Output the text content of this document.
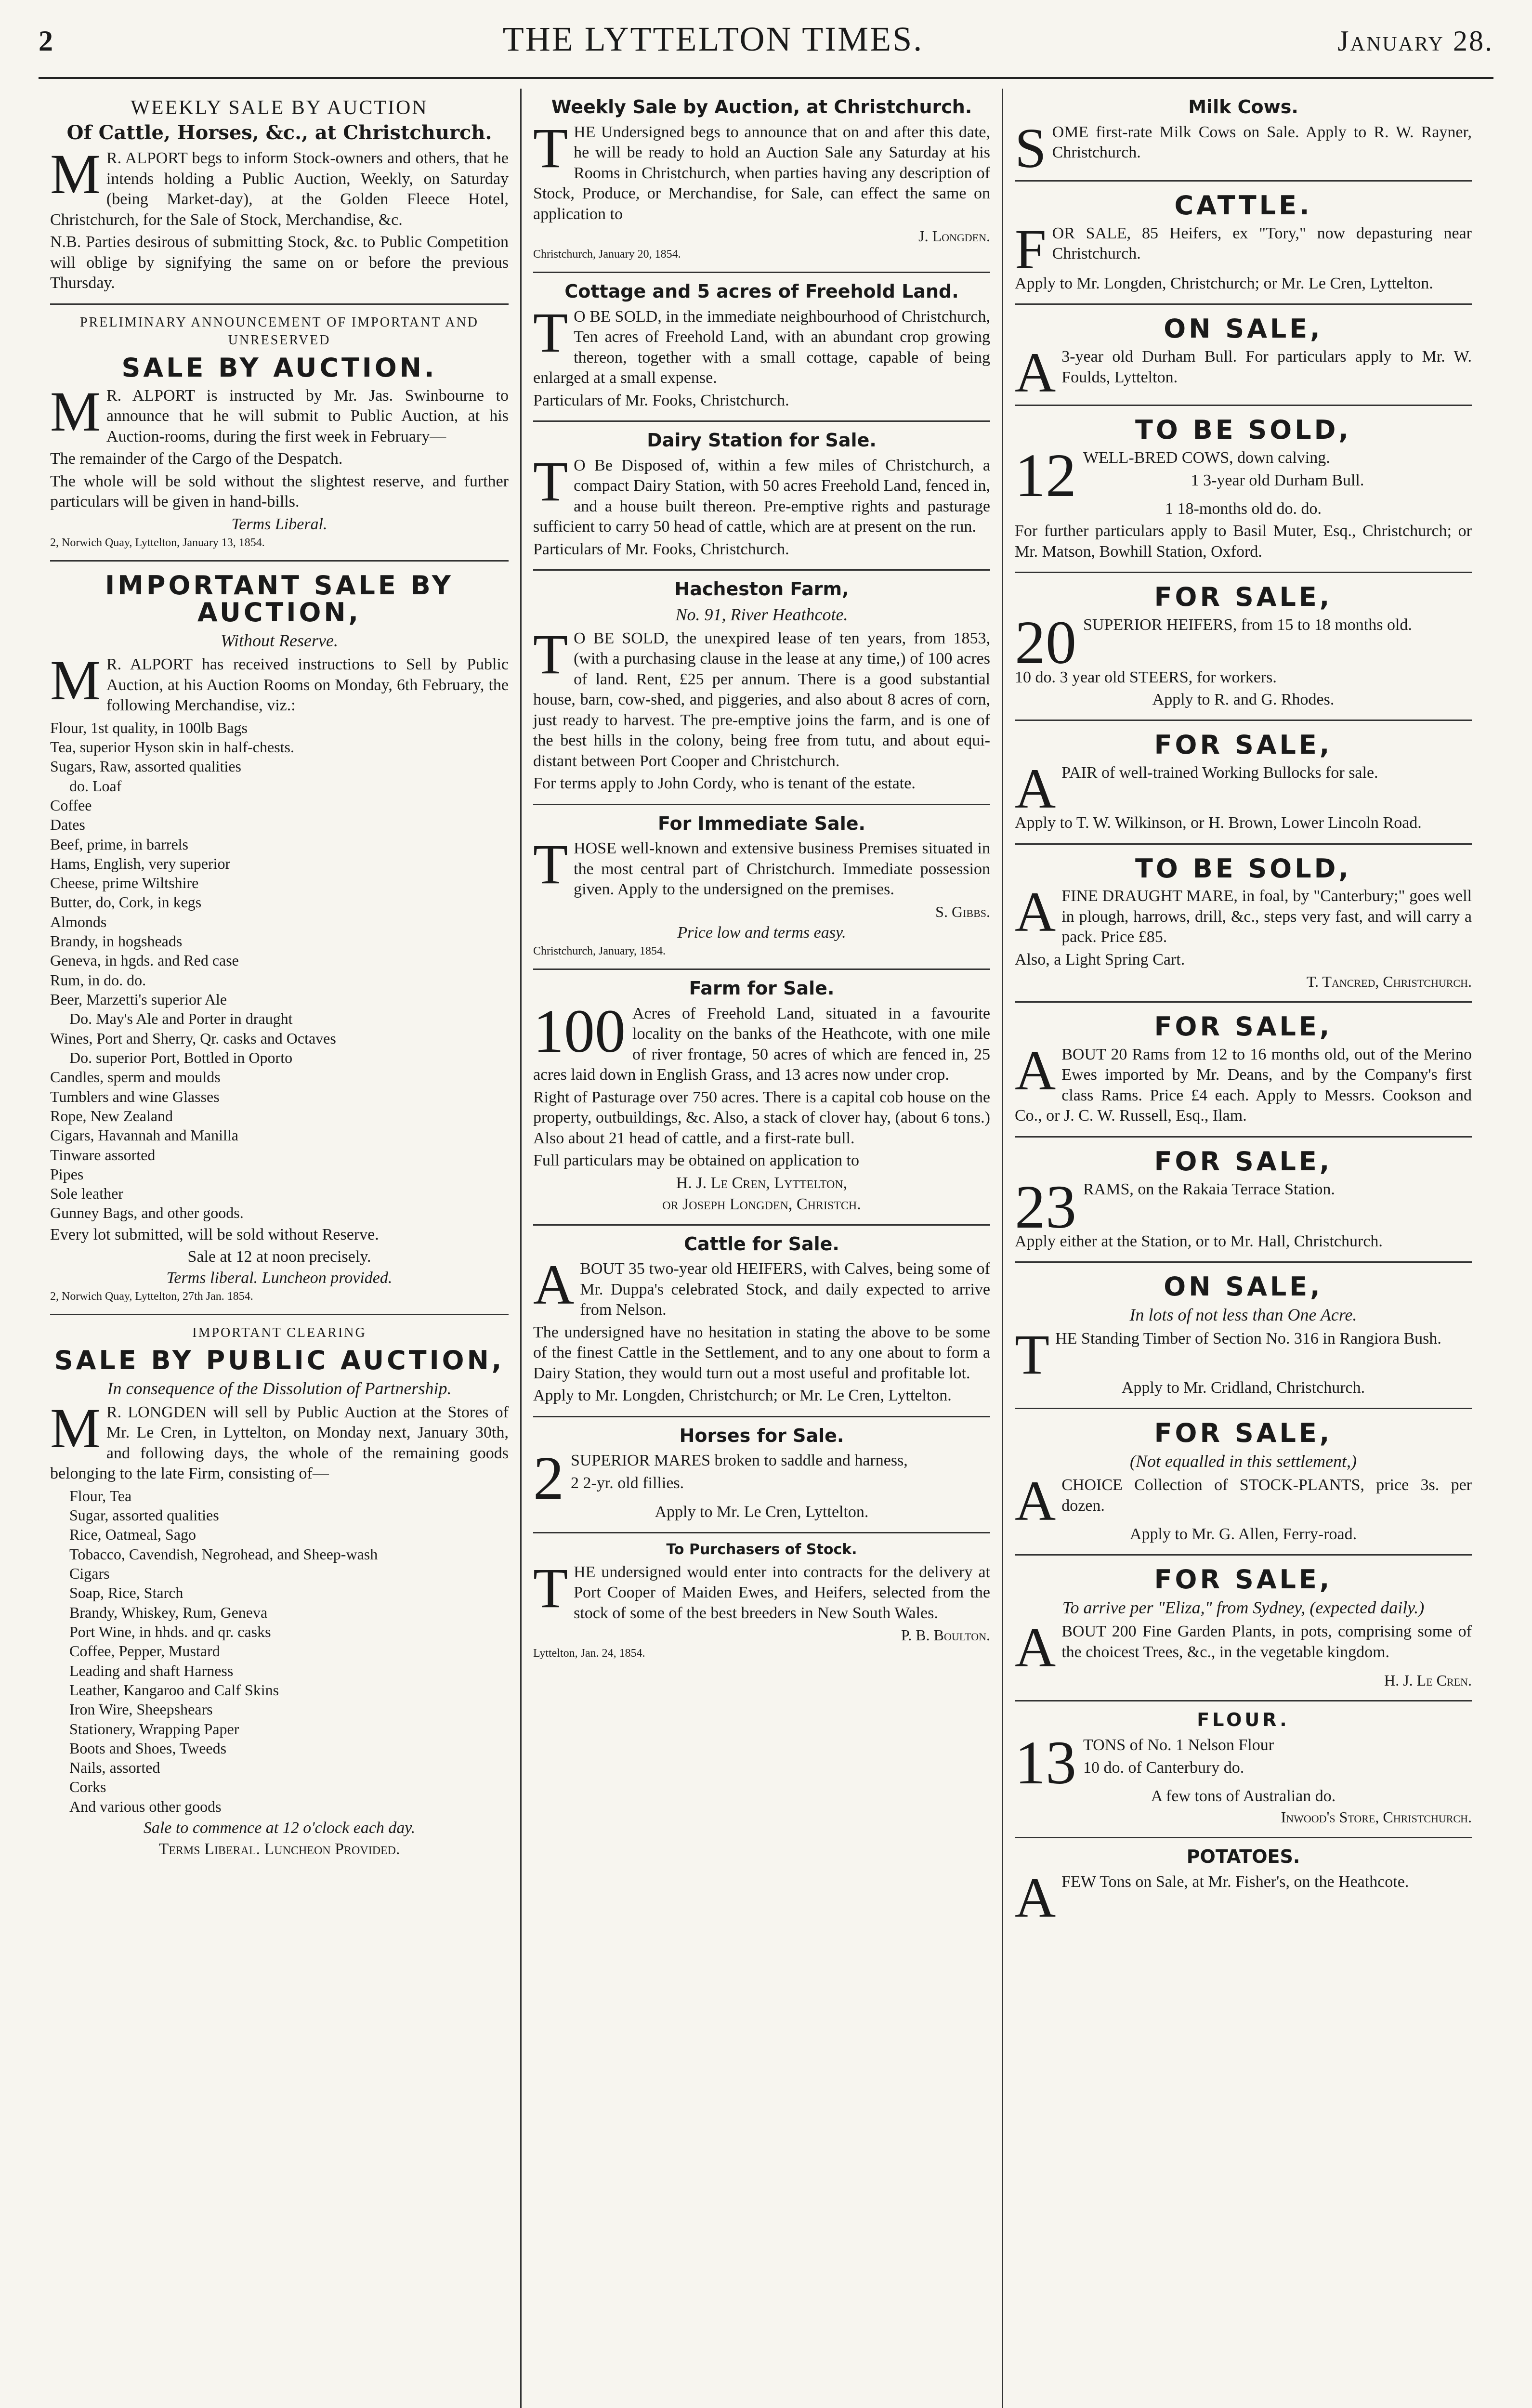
2	THE LYTTELTON TIMES.	January 28.
WEEKLY SALE BY AUCTION
Of Cattle, Horses, &c., at Christchurch.
M R. ALPORT begs to inform Stock-owners and others, that he intends holding a Public Auction, Weekly, on Saturday (being Market-day), at the Golden Fleece Hotel, Christchurch, for the Sale of Stock, Merchandise, &c.

N.B. Parties desirous of submitting Stock, &c. to Public Competition will oblige by signifying the same on or before the previous Thursday.

PRELIMINARY ANNOUNCEMENT OF IMPORTANT AND UNRESERVED
SALE BY AUCTION.
M R. ALPORT is instructed by Mr. Jas. Swinbourne to announce that he will submit to Public Auction, at his Auction-rooms, during the first week in February—

The remainder of the Cargo of the Despatch.

The whole will be sold without the slightest reserve, and further particulars will be given in hand-bills.

Terms Liberal.
2, Norwich Quay, Lyttelton, January 13, 1854.
IMPORTANT SALE BY AUCTION,
Without Reserve.
M R. ALPORT has received instructions to Sell by Public Auction, at his Auction Rooms on Monday, 6th February, the following Merchandise, viz.:

Flour, 1st quality, in 100lb Bags
Tea, superior Hyson skin in half-chests.
Sugars, Raw, assorted qualities
do. Loaf
Coffee
Dates
Beef, prime, in barrels
Hams, English, very superior
Cheese, prime Wiltshire
Butter, do, Cork, in kegs
Almonds
Brandy, in hogsheads
Geneva, in hgds. and Red case
Rum, in do. do.
Beer, Marzetti's superior Ale
Do. May's Ale and Porter in draught
Wines, Port and Sherry, Qr. casks and Octaves
Do. superior Port, Bottled in Oporto
Candles, sperm and moulds
Tumblers and wine Glasses
Rope, New Zealand
Cigars, Havannah and Manilla
Tinware assorted
Pipes
Sole leather
Gunney Bags, and other goods.

Every lot submitted, will be sold without Reserve.

Sale at 12 at noon precisely.
Terms liberal. Luncheon provided.
2, Norwich Quay, Lyttelton, 27th Jan. 1854.
IMPORTANT CLEARING
SALE BY PUBLIC AUCTION,
In consequence of the Dissolution of Partnership.
M R. LONGDEN will sell by Public Auction at the Stores of Mr. Le Cren, in Lyttelton, on Monday next, January 30th, and following days, the whole of the remaining goods belonging to the late Firm, consisting of—

Flour, Tea
Sugar, assorted qualities
Rice, Oatmeal, Sago
Tobacco, Cavendish, Negrohead, and Sheep-wash
Cigars
Soap, Rice, Starch
Brandy, Whiskey, Rum, Geneva
Port Wine, in hhds. and qr. casks
Coffee, Pepper, Mustard
Leading and shaft Harness
Leather, Kangaroo and Calf Skins
Iron Wire, Sheepshears
Stationery, Wrapping Paper
Boots and Shoes, Tweeds
Nails, assorted
Corks
And various other goods
Sale to commence at 12 o'clock each day.
Terms Liberal. Luncheon Provided.
Weekly Sale by Auction, at Christchurch.
T HE Undersigned begs to announce that on and after this date, he will be ready to hold an Auction Sale any Saturday at his Rooms in Christchurch, when parties having any description of Stock, Produce, or Merchandise, for Sale, can effect the same on application to

J. Longden.
Christchurch, January 20, 1854.
Cottage and 5 acres of Freehold Land.
T O BE SOLD, in the immediate neighbourhood of Christchurch, Ten acres of Freehold Land, with an abundant crop growing thereon, together with a small cottage, capable of being enlarged at a small expense.

Particulars of Mr. Fooks, Christchurch.

Dairy Station for Sale.
T O Be Disposed of, within a few miles of Christchurch, a compact Dairy Station, with 50 acres Freehold Land, fenced in, and a house built thereon. Pre-emptive rights and pasturage sufficient to carry 50 head of cattle, which are at present on the run.

Particulars of Mr. Fooks, Christchurch.

Hacheston Farm,
No. 91, River Heathcote.
T O BE SOLD, the unexpired lease of ten years, from 1853, (with a purchasing clause in the lease at any time,) of 100 acres of land. Rent, £25 per annum. There is a good substantial house, barn, cow-shed, and piggeries, and also about 8 acres of corn, just ready to harvest. The pre-emptive joins the farm, and is one of the best hills in the colony, being free from tutu, and about equi-distant between Port Cooper and Christchurch.

For terms apply to John Cordy, who is tenant of the estate.

For Immediate Sale.
T HOSE well-known and extensive business Premises situated in the most central part of Christchurch. Immediate possession given. Apply to the undersigned on the premises.

S. Gibbs.
Price low and terms easy.
Christchurch, January, 1854.
Farm for Sale.
100 Acres of Freehold Land, situated in a favourite locality on the banks of the Heathcote, with one mile of river frontage, 50 acres of which are fenced in, 25 acres laid down in English Grass, and 13 acres now under crop.

Right of Pasturage over 750 acres. There is a capital cob house on the property, outbuildings, &c. Also, a stack of clover hay, (about 6 tons.) Also about 21 head of cattle, and a first-rate bull.

Full particulars may be obtained on application to

H. J. Le Cren, Lyttelton,
or Joseph Longden, Christch.
Cattle for Sale.
A BOUT 35 two-year old HEIFERS, with Calves, being some of Mr. Duppa's celebrated Stock, and daily expected to arrive from Nelson.

The undersigned have no hesitation in stating the above to be some of the finest Cattle in the Settlement, and to any one about to form a Dairy Station, they would turn out a most useful and profitable lot.

Apply to Mr. Longden, Christchurch; or Mr. Le Cren, Lyttelton.

Horses for Sale.
2 SUPERIOR MARES broken to saddle and harness,

2 2-yr. old fillies.

Apply to Mr. Le Cren, Lyttelton.
To Purchasers of Stock.
T HE undersigned would enter into contracts for the delivery at Port Cooper of Maiden Ewes, and Heifers, selected from the stock of some of the best breeders in New South Wales.

P. B. Boulton.
Lyttelton, Jan. 24, 1854.
Milk Cows.
S OME first-rate Milk Cows on Sale. Apply to R. W. Rayner, Christchurch.

CATTLE.
F OR SALE, 85 Heifers, ex "Tory," now depasturing near Christchurch.

Apply to Mr. Longden, Christchurch; or Mr. Le Cren, Lyttelton.

ON SALE,
A 3-year old Durham Bull. For particulars apply to Mr. W. Foulds, Lyttelton.

TO BE SOLD,
12 WELL-BRED COWS, down calving.

1 3-year old Durham Bull.
1 18-months old do. do.

For further particulars apply to Basil Muter, Esq., Christchurch; or Mr. Matson, Bowhill Station, Oxford.

FOR SALE,
20 SUPERIOR HEIFERS, from 15 to 18 months old.

10 do. 3 year old STEERS, for workers.

Apply to R. and G. Rhodes.
FOR SALE,
A PAIR of well-trained Working Bullocks for sale.

Apply to T. W. Wilkinson, or H. Brown, Lower Lincoln Road.

TO BE SOLD,
A FINE DRAUGHT MARE, in foal, by "Canterbury;" goes well in plough, harrows, drill, &c., steps very fast, and will carry a pack. Price £85.

Also, a Light Spring Cart.

T. Tancred, Christchurch.
FOR SALE,
A BOUT 20 Rams from 12 to 16 months old, out of the Merino Ewes imported by Mr. Deans, and by the Company's first class Rams. Price £4 each. Apply to Messrs. Cookson and Co., or J. C. W. Russell, Esq., Ilam.

FOR SALE,
23 RAMS, on the Rakaia Terrace Station.

Apply either at the Station, or to Mr. Hall, Christchurch.

ON SALE,
In lots of not less than One Acre.
T HE Standing Timber of Section No. 316 in Rangiora Bush.

Apply to Mr. Cridland, Christchurch.
FOR SALE,
(Not equalled in this settlement,)
A CHOICE Collection of STOCK-PLANTS, price 3s. per dozen.

Apply to Mr. G. Allen, Ferry-road.
FOR SALE,
To arrive per "Eliza," from Sydney, (expected daily.)
A BOUT 200 Fine Garden Plants, in pots, comprising some of the choicest Trees, &c., in the vegetable kingdom.

H. J. Le Cren.
FLOUR.
13 TONS of No. 1 Nelson Flour

10 do. of Canterbury do.

A few tons of Australian do.
Inwood's Store, Christchurch.
POTATOES.
A FEW Tons on Sale, at Mr. Fisher's, on the Heathcote.
